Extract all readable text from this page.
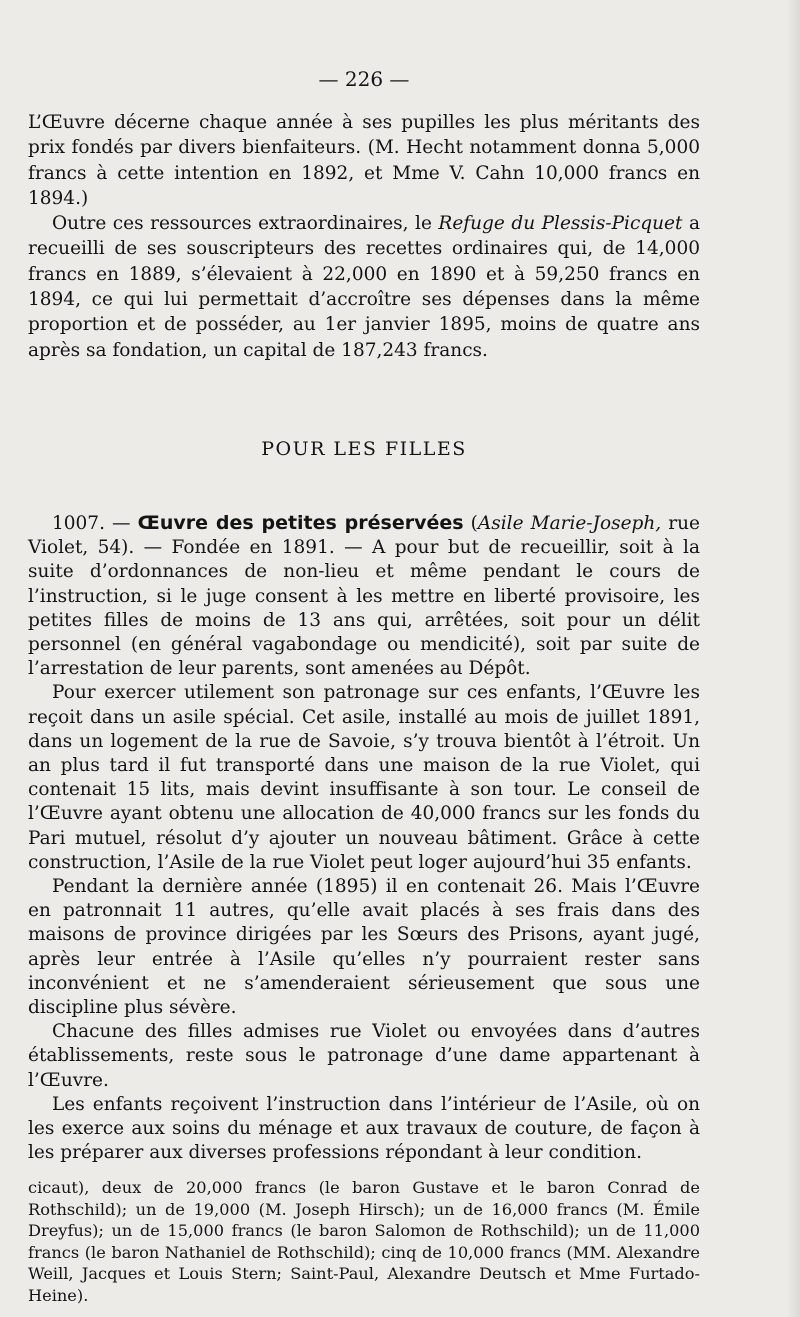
— 226 —

L’Œuvre décerne chaque année à ses pupilles les plus méritants des prix fondés par divers bienfaiteurs. (M. Hecht notamment donna 5,000 francs à cette intention en 1892, et Mme V. Cahn 10,000 francs en 1894.)

Outre ces ressources extraordinaires, le Refuge du Plessis-Picquet a recueilli de ses souscripteurs des recettes ordinaires qui, de 14,000 francs en 1889, s’élevaient à 22,000 en 1890 et à 59,250 francs en 1894, ce qui lui permettait d’accroître ses dépenses dans la même proportion et de posséder, au 1er janvier 1895, moins de quatre ans après sa fondation, un capital de 187,243 francs.

POUR LES FILLES

1007. — Œuvre des petites préservées (Asile Marie-Joseph, rue Violet, 54). — Fondée en 1891. — A pour but de recueillir, soit à la suite d’ordonnances de non-lieu et même pendant le cours de l’instruction, si le juge consent à les mettre en liberté provisoire, les petites filles de moins de 13 ans qui, arrêtées, soit pour un délit personnel (en général vagabondage ou mendicité), soit par suite de l’arrestation de leur parents, sont amenées au Dépôt.

Pour exercer utilement son patronage sur ces enfants, l’Œuvre les reçoit dans un asile spécial. Cet asile, installé au mois de juillet 1891, dans un logement de la rue de Savoie, s’y trouva bientôt à l’étroit. Un an plus tard il fut transporté dans une maison de la rue Violet, qui contenait 15 lits, mais devint insuffisante à son tour. Le conseil de l’Œuvre ayant obtenu une allocation de 40,000 francs sur les fonds du Pari mutuel, résolut d’y ajouter un nouveau bâtiment. Grâce à cette construction, l’Asile de la rue Violet peut loger aujourd’hui 35 enfants.

Pendant la dernière année (1895) il en contenait 26. Mais l’Œuvre en patronnait 11 autres, qu’elle avait placés à ses frais dans des maisons de province dirigées par les Sœurs des Prisons, ayant jugé, après leur entrée à l’Asile qu’elles n’y pourraient rester sans inconvénient et ne s’amenderaient sérieusement que sous une discipline plus sévère.

Chacune des filles admises rue Violet ou envoyées dans d’autres établissements, reste sous le patronage d’une dame appartenant à l’Œuvre.

Les enfants reçoivent l’instruction dans l’intérieur de l’Asile, où on les exerce aux soins du ménage et aux travaux de couture, de façon à les préparer aux diverses professions répondant à leur condition.

cicaut), deux de 20,000 francs (le baron Gustave et le baron Conrad de Rothschild); un de 19,000 (M. Joseph Hirsch); un de 16,000 francs (M. Émile Dreyfus); un de 15,000 francs (le baron Salomon de Rothschild); un de 11,000 francs (le baron Nathaniel de Rothschild); cinq de 10,000 francs (MM. Alexandre Weill, Jacques et Louis Stern; Saint-Paul, Alexandre Deutsch et Mme Furtado-Heine).
